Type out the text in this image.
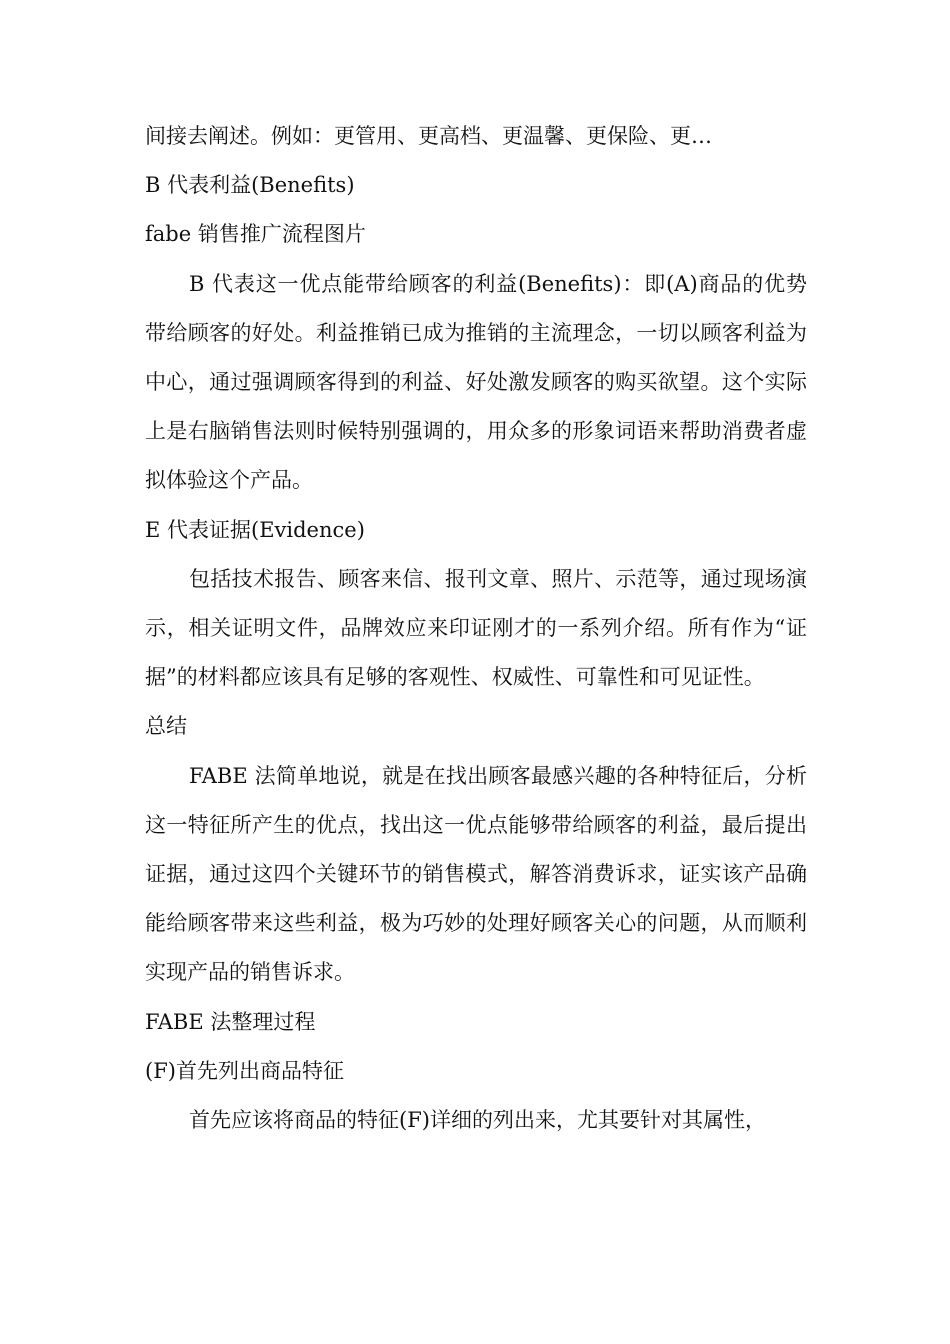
间接去阐述。例如：更管用、更高档、更温馨、更保险、更…

B 代表利益(Benefits)

fabe 销售推广流程图片

B 代表这一优点能带给顾客的利益(Benefits)：即(A)商品的优势带给顾客的好处。利益推销已成为推销的主流理念，一切以顾客利益为中心，通过强调顾客得到的利益、好处激发顾客的购买欲望。这个实际上是右脑销售法则时候特别强调的，用众多的形象词语来帮助消费者虚拟体验这个产品。

E 代表证据(Evidence)

包括技术报告、顾客来信、报刊文章、照片、示范等，通过现场演示，相关证明文件，品牌效应来印证刚才的一系列介绍。所有作为“证据”的材料都应该具有足够的客观性、权威性、可靠性和可见证性。

总结

FABE 法简单地说，就是在找出顾客最感兴趣的各种特征后，分析这一特征所产生的优点，找出这一优点能够带给顾客的利益，最后提出证据，通过这四个关键环节的销售模式，解答消费诉求，证实该产品确能给顾客带来这些利益，极为巧妙的处理好顾客关心的问题，从而顺利实现产品的销售诉求。

FABE 法整理过程

(F)首先列出商品特征

首先应该将商品的特征(F)详细的列出来，尤其要针对其属性，
